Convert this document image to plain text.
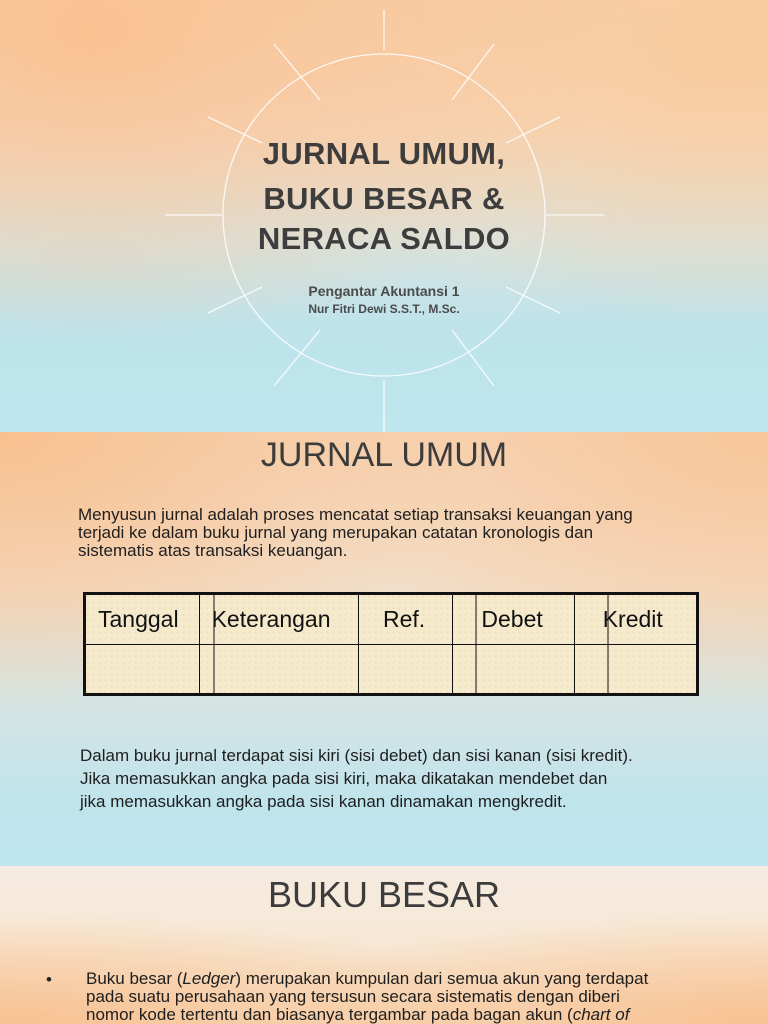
JURNAL UMUM,
BUKU BESAR &
NERACA SALDO
Pengantar Akuntansi 1
Nur Fitri Dewi S.S.T., M.Sc.
JURNAL UMUM
Menyusun jurnal adalah proses mencatat setiap transaksi keuangan yang
terjadi ke dalam buku jurnal yang merupakan catatan kronologis dan
sistematis atas transaksi keuangan.
Tanggal	Keterangan	Ref.	Debet	Kredit

Dalam buku jurnal terdapat sisi kiri (sisi debet) dan sisi kanan (sisi kredit).
Jika memasukkan angka pada sisi kiri, maka dikatakan mendebet dan
jika memasukkan angka pada sisi kanan dinamakan mengkredit.
BUKU BESAR
• Buku besar (Ledger) merupakan kumpulan dari semua akun yang terdapat
pada suatu perusahaan yang tersusun secara sistematis dengan diberi
nomor kode tertentu dan biasanya tergambar pada bagan akun (chart of
